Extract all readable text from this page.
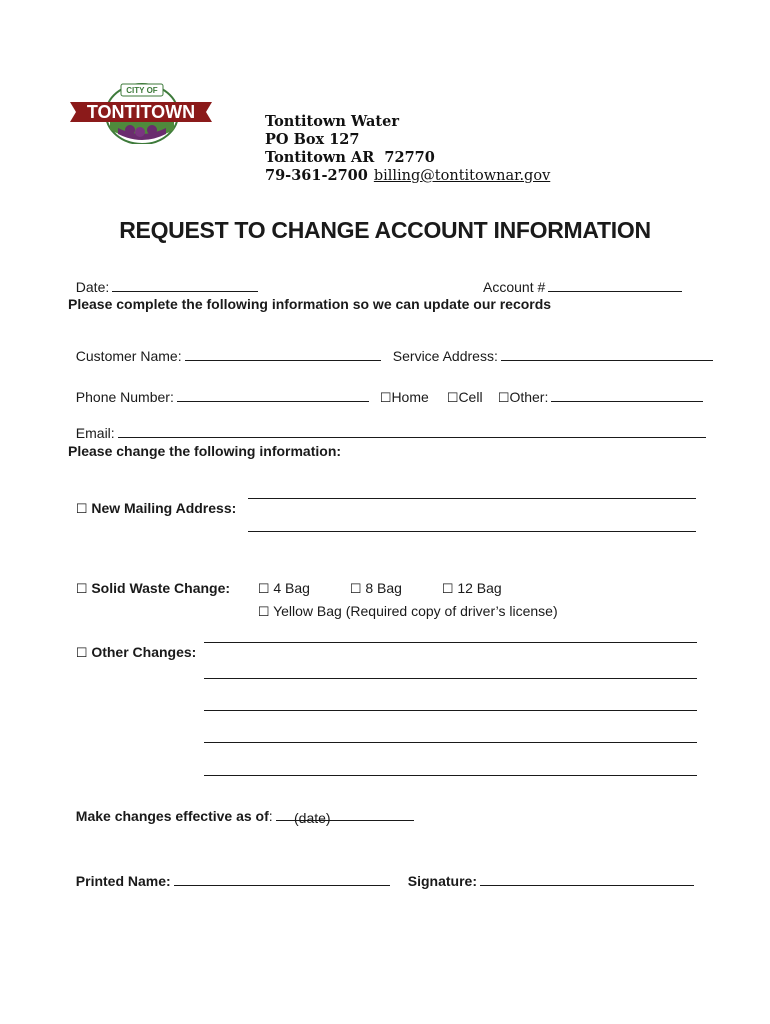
TONTITOWN
CITY OF
Tontitown Water
PO Box 127
Tontitown AR  72770
79-361-2700 billing@tontitownar.gov
REQUEST TO CHANGE ACCOUNT INFORMATION

Date:	Account #

Please complete the following information so we can update our records

Customer Name:	Service Address:

Phone Number:	☐Home	☐Cell	☐Other:

Email:

Please change the following information:

☐ New Mailing Address:

☐ Solid Waste Change:	☐ 4 Bag	☐ 8 Bag	☐ 12 Bag

☐ Yellow Bag (Required copy of driver’s license)

☐ Other Changes:

Make changes effective as of:	(date)

Printed Name:	Signature:
